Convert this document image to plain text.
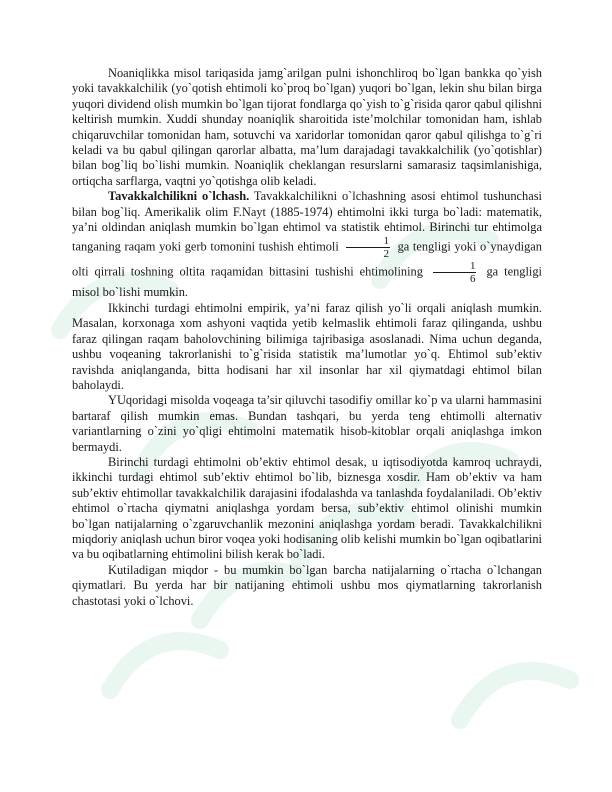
Noaniqlikka misol tariqasida jamg`arilgan pulni ishonchliroq bo`lgan bankka qo`yish yoki tavakkalchilik (yo`qotish ehtimoli ko`proq bo`lgan) yuqori bo`lgan, lekin shu bilan birga yuqori dividend olish mumkin bo`lgan tijorat fondlarga qo`yish to`g`risida qaror qabul qilishni keltirish mumkin. Xuddi shunday noaniqlik sharoitida iste’molchilar tomonidan ham, ishlab chiqaruvchilar tomonidan ham, sotuvchi va xaridorlar tomonidan qaror qabul qilishga to`g`ri keladi va bu qabul qilingan qarorlar albatta, ma’lum darajadagi tavakkalchilik (yo`qotishlar) bilan bog`liq bo`lishi mumkin. Noaniqlik cheklangan resurslarni samarasiz taqsimlanishiga, ortiqcha sarflarga, vaqtni yo`qotishga olib keladi.

Tavakkalchilikni o`lchash. Tavakkalchilikni o`lchashning asosi ehtimol tushunchasi bilan bog`liq. Amerikalik olim F.Nayt (1885-1974) ehtimolni ikki turga bo`ladi: matematik, ya’ni oldindan aniqlash mumkin bo`lgan ehtimol va statistik ehtimol. Birinchi tur ehtimolga tanganing raqam yoki gerb tomonini tushish ehtimoli $\frac{1}{2}$ ga tengligi yoki o`ynaydigan olti qirrali toshning oltita raqamidan bittasini tushishi ehtimolining $\frac{1}{6}$ ga tengligi misol bo`lishi mumkin.

Ikkinchi turdagi ehtimolni empirik, ya’ni faraz qilish yo`li orqali aniqlash mumkin. Masalan, korxonaga xom ashyoni vaqtida yetib kelmaslik ehtimoli faraz qilinganda, ushbu faraz qilingan raqam baholovchining bilimiga tajribasiga asoslanadi. Nima uchun deganda, ushbu voqeaning takrorlanishi to`g`risida statistik ma’lumotlar yo`q. Ehtimol sub’ektiv ravishda aniqlanganda, bitta hodisani har xil insonlar har xil qiymatdagi ehtimol bilan baholaydi.

YUqoridagi misolda voqeaga ta’sir qiluvchi tasodifiy omillar ko`p va ularni hammasini bartaraf qilish mumkin emas. Bundan tashqari, bu yerda teng ehtimolli alternativ variantlarning o`zini yo`qligi ehtimolni matematik hisob-kitoblar orqali aniqlashga imkon bermaydi.

Birinchi turdagi ehtimolni ob’ektiv ehtimol desak, u iqtisodiyotda kamroq uchraydi, ikkinchi turdagi ehtimol sub’ektiv ehtimol bo`lib, biznesga xosdir. Ham ob’ektiv va ham sub’ektiv ehtimollar tavakkalchilik darajasini ifodalashda va tanlashda foydalaniladi. Ob’ektiv ehtimol o`rtacha qiymatni aniqlashga yordam bersa, sub’ektiv ehtimol olinishi mumkin bo`lgan natijalarning o`zgaruvchanlik mezonini aniqlashga yordam beradi. Tavakkalchilikni miqdoriy aniqlash uchun biror voqea yoki hodisaning olib kelishi mumkin bo`lgan oqibatlarini va bu oqibatlarning ehtimolini bilish kerak bo`ladi.

Kutiladigan miqdor - bu mumkin bo`lgan barcha natijalarning o`rtacha o`lchangan qiymatlari. Bu yerda har bir natijaning ehtimoli ushbu mos qiymatlarning takrorlanish chastotasi yoki o`lchovi.
